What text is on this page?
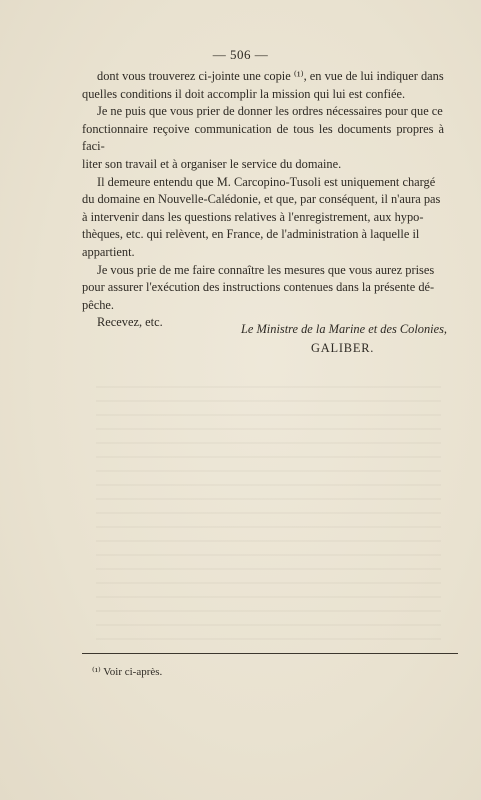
— 506 —
dont vous trouverez ci-jointe une copie ⁽¹⁾, en vue de lui indiquer dans
quelles conditions il doit accomplir la mission qui lui est confiée.
Je ne puis que vous prier de donner les ordres nécessaires pour que ce
fonctionnaire reçoive communication de tous les documents propres à faci-
liter son travail et à organiser le service du domaine.
Il demeure entendu que M. Carcopino-Tusoli est uniquement chargé
du domaine en Nouvelle-Calédonie, et que, par conséquent, il n'aura pas
à intervenir dans les questions relatives à l'enregistrement, aux hypo-
thèques, etc. qui relèvent, en France, de l'administration à laquelle il
appartient.
Je vous prie de me faire connaître les mesures que vous aurez prises
pour assurer l'exécution des instructions contenues dans la présente dé-
pêche.
Recevez, etc.	Le Ministre de la Marine et des Colonies,
GALIBER.
⁽¹⁾ Voir ci-après.
